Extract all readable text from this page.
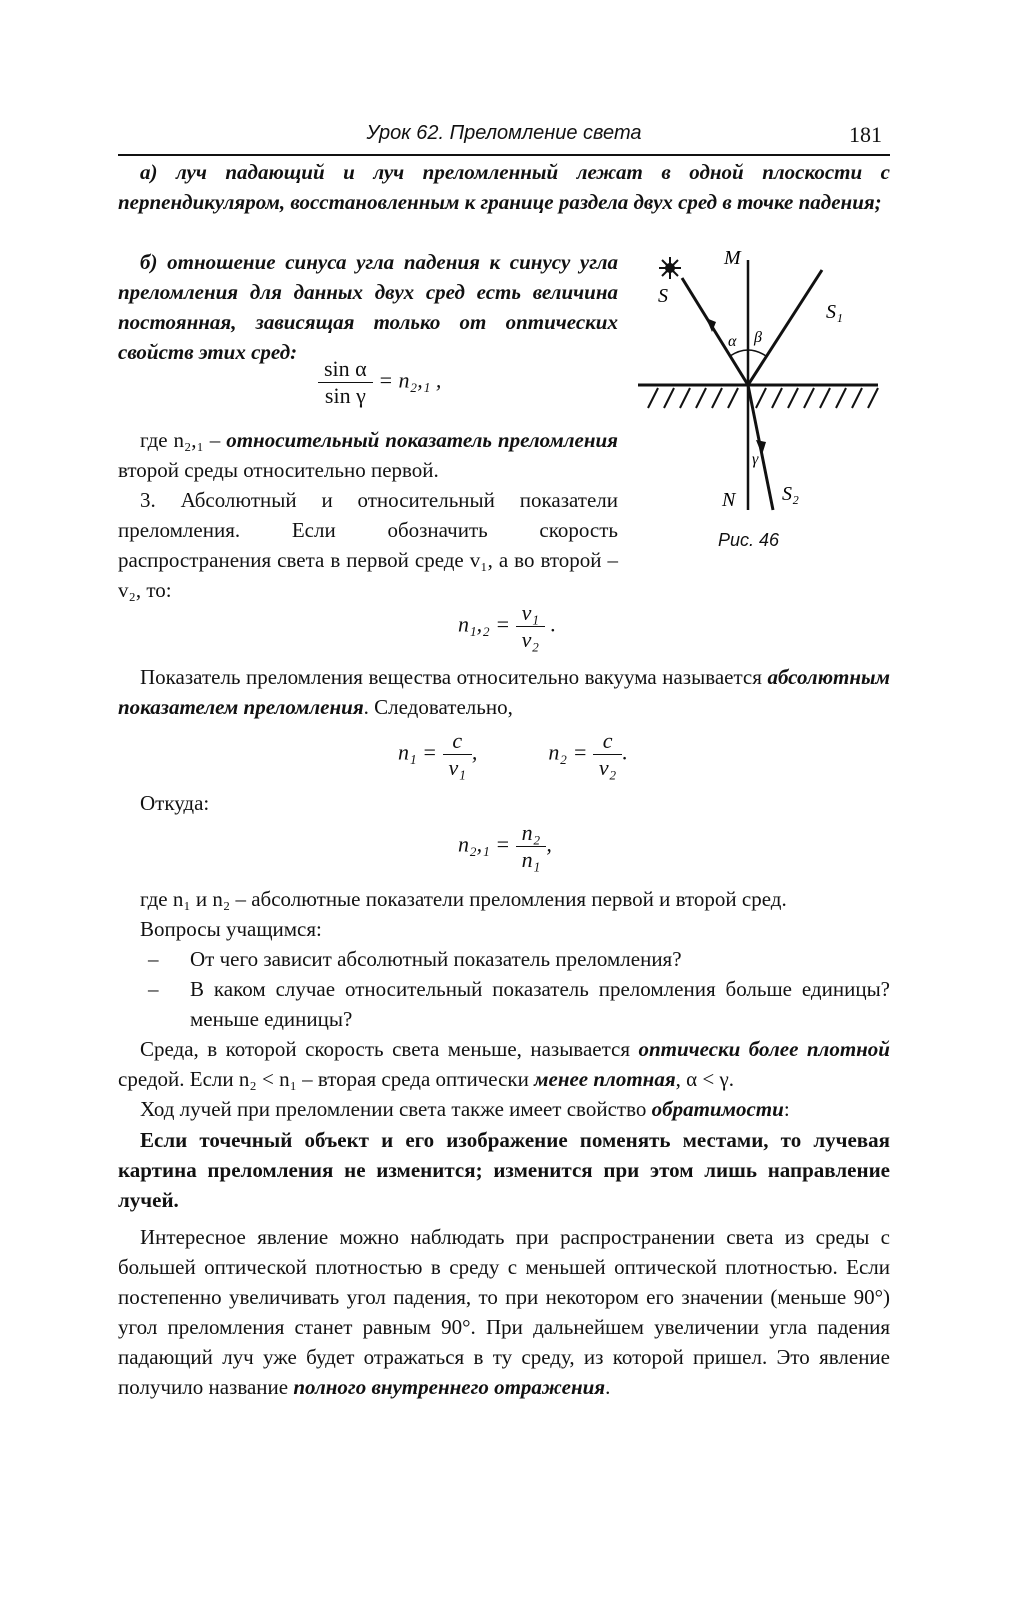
Урок 62. Преломление света	181

а) луч падающий и луч преломленный лежат в одной плоскости с перпендикуляром, восстановленным к границе раздела двух сред в точке падения;

б) отношение синуса угла падения к синусу угла преломления для данных двух сред есть величина постоянная, зависящая только от оптических свойств этих сред:

$\frac{\text{sin α}}{\text{sin γ}} = n_2,_1$ ,

где n₂,₁ – относительный показатель преломления второй среды относительно первой.

3. Абсолютный и относительный показатели преломления. Если обозначить скорость распространения света в первой среде v₁, а во второй – v₂, то:

$n_1,_2 = \frac{\text{v₁}}{\text{v₂}}$ .

Показатель преломления вещества относительно вакуума называется абсолютным показателем преломления. Следовательно,

$n_1 = \frac{c}{\text{v₁}}$ ,	$n_2 = \frac{c}{\text{v₂}}$ .

Откуда:

$n_2,_1 = \frac{\text{n₂}}{\text{n₁}}$ ,

где n₁ и n₂ – абсолютные показатели преломления первой и второй сред.

Вопросы учащимся:

– От чего зависит абсолютный показатель преломления?
– В каком случае относительный показатель преломления больше единицы? меньше единицы?

Среда, в которой скорость света меньше, называется оптически более плотной средой. Если n₂ < n₁ – вторая среда оптически менее плотная, α < γ.

Ход лучей при преломлении света также имеет свойство обратимости:

Если точечный объект и его изображение поменять местами, то лучевая картина преломления не изменится; изменится при этом лишь направление лучей.

Интересное явление можно наблюдать при распространении света из среды с большей оптической плотностью в среду с меньшей оптической плотностью. Если постепенно увеличивать угол падения, то при некотором его значении (меньше 90°) угол преломления станет равным 90°. При дальнейшем увеличении угла падения падающий луч уже будет отражаться в ту среду, из которой пришел. Это явление получило название полного внутреннего отражения.

S
M
S₁
α β
γ
N S₂
Рис. 46
